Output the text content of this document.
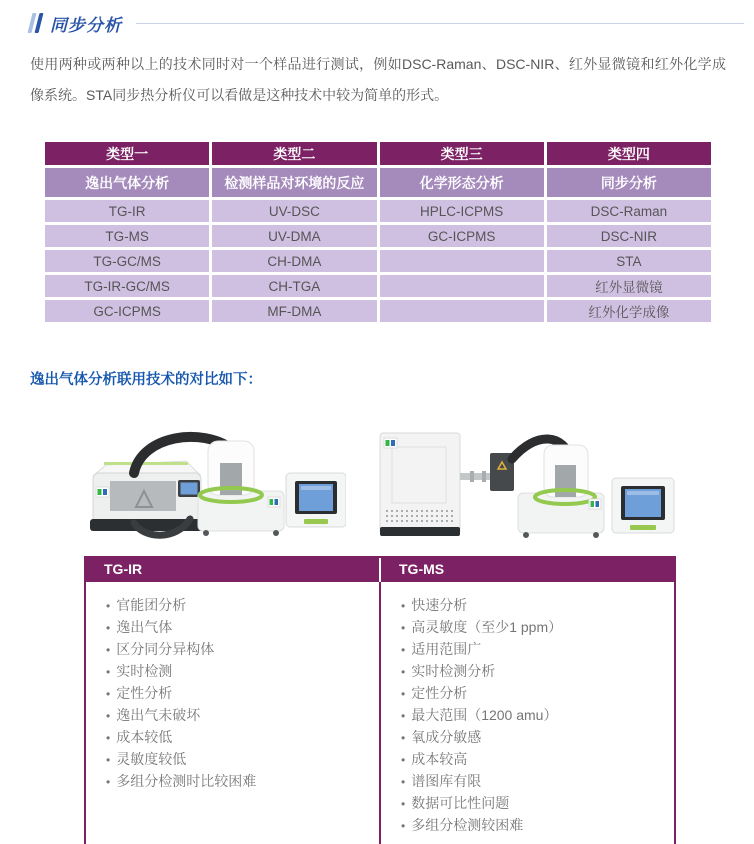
同步分析
使用两种或两种以上的技术同时对一个样品进行测试，例如DSC-Raman、DSC-NIR、红外显微镜和红外化学成像系统。STA同步热分析仪可以看做是这种技术中较为简单的形式。
类型一	类型二	类型三	类型四
逸出气体分析	检测样品对环境的反应	化学形态分析	同步分析
TG-IR	UV-DSC	HPLC-ICPMS	DSC-Raman
TG-MS	UV-DMA	GC-ICPMS	DSC-NIR
TG-GC/MS	CH-DMA		STA
TG-IR-GC/MS	CH-TGA		红外显微镜
GC-ICPMS	MF-DMA		红外化学成像
逸出气体分析联用技术的对比如下：
TG-IR	TG-MS
• 官能团分析
• 逸出气体
• 区分同分异构体
• 实时检测
• 定性分析
• 逸出气未破坏
• 成本较低
• 灵敏度较低
• 多组分检测时比较困难
• 快速分析
• 高灵敏度（至少1 ppm）
• 适用范围广
• 实时检测分析
• 定性分析
• 最大范围（1200 amu）
• 氧成分敏感
• 成本较高
• 谱图库有限
• 数据可比性问题
• 多组分检测较困难
